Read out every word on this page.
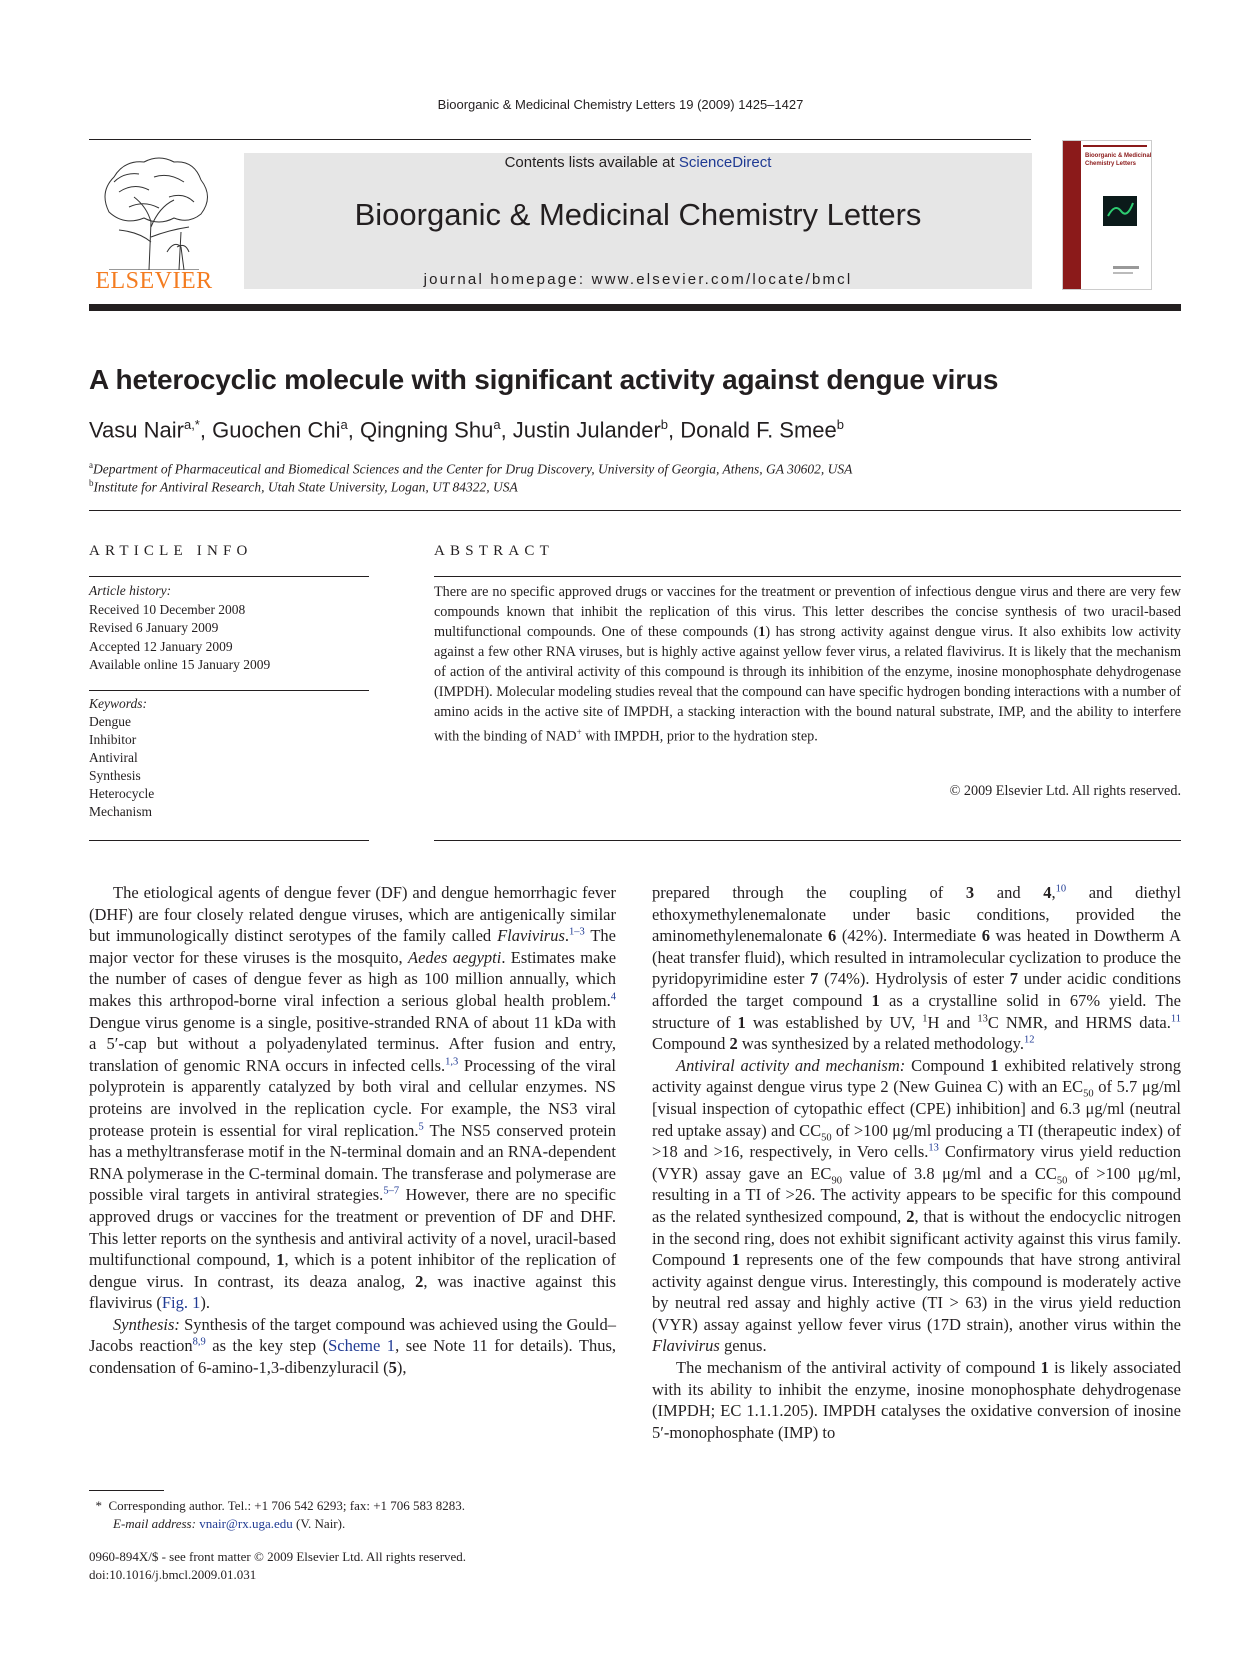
Bioorganic & Medicinal Chemistry Letters 19 (2009) 1425–1427
ELSEVIER
Contents lists available at ScienceDirect
Bioorganic & Medicinal Chemistry Letters
journal homepage: www.elsevier.com/locate/bmcl
Bioorganic & Medicinal
Chemistry Letters
A heterocyclic molecule with significant activity against dengue virus
Vasu Nair$^{a,*}$, Guochen Chi$^a$, Qingning Shu$^a$, Justin Julander$^b$, Donald F. Smee$^b$
$^a$Department of Pharmaceutical and Biomedical Sciences and the Center for Drug Discovery, University of Georgia, Athens, GA 30602, USA
$^b$Institute for Antiviral Research, Utah State University, Logan, UT 84322, USA
ARTICLE INFO	ABSTRACT
Article history:
Received 10 December 2008
Revised 6 January 2009
Accepted 12 January 2009
Available online 15 January 2009
Keywords:
Dengue
Inhibitor
Antiviral
Synthesis
Heterocycle
Mechanism
There are no specific approved drugs or vaccines for the treatment or prevention of infectious dengue virus and there are very few compounds known that inhibit the replication of this virus. This letter describes the concise synthesis of two uracil-based multifunctional compounds. One of these compounds (1) has strong activity against dengue virus. It also exhibits low activity against a few other RNA viruses, but is highly active against yellow fever virus, a related flavivirus. It is likely that the mechanism of action of the antiviral activity of this compound is through its inhibition of the enzyme, inosine monophosphate dehydrogenase (IMPDH). Molecular modeling studies reveal that the compound can have specific hydrogen bonding interactions with a number of amino acids in the active site of IMPDH, a stacking interaction with the bound natural substrate, IMP, and the ability to interfere with the binding of NAD+ with IMPDH, prior to the hydration step.
© 2009 Elsevier Ltd. All rights reserved.

The etiological agents of dengue fever (DF) and dengue hemorrhagic fever (DHF) are four closely related dengue viruses, which are antigenically similar but immunologically distinct serotypes of the family called Flavivirus.$^{1-3}$ The major vector for these viruses is the mosquito, Aedes aegypti. Estimates make the number of cases of dengue fever as high as 100 million annually, which makes this arthropod-borne viral infection a serious global health problem.$^4$ Dengue virus genome is a single, positive-stranded RNA of about 11 kDa with a 5′-cap but without a polyadenylated terminus. After fusion and entry, translation of genomic RNA occurs in infected cells.$^{1,3}$ Processing of the viral polyprotein is apparently catalyzed by both viral and cellular enzymes. NS proteins are involved in the replication cycle. For example, the NS3 viral protease protein is essential for viral replication.$^5$ The NS5 conserved protein has a methyltransferase motif in the N-terminal domain and an RNA-dependent RNA polymerase in the C-terminal domain. The transferase and polymerase are possible viral targets in antiviral strategies.$^{5-7}$ However, there are no specific approved drugs or vaccines for the treatment or prevention of DF and DHF. This letter reports on the synthesis and antiviral activity of a novel, uracil-based multifunctional compound, 1, which is a potent inhibitor of the replication of dengue virus. In contrast, its deaza analog, 2, was inactive against this flavivirus (Fig. 1).

Synthesis: Synthesis of the target compound was achieved using the Gould–Jacobs reaction$^{8,9}$ as the key step (Scheme 1, see Note 11 for details). Thus, condensation of 6-amino-1,3-dibenzyluracil (5),

prepared through the coupling of 3 and 4,10 and diethyl ethoxymethylenemalonate under basic conditions, provided the aminomethylenemalonate 6 (42%). Intermediate 6 was heated in Dowtherm A (heat transfer fluid), which resulted in intramolecular cyclization to produce the pyridopyrimidine ester 7 (74%). Hydrolysis of ester 7 under acidic conditions afforded the target compound 1 as a crystalline solid in 67% yield. The structure of 1 was established by UV, $^1$H and $^{13}$C NMR, and HRMS data.$^{11}$ Compound 2 was synthesized by a related methodology.$^{12}$

Antiviral activity and mechanism: Compound 1 exhibited relatively strong activity against dengue virus type 2 (New Guinea C) with an $EC_{50}$ of 5.7 μg/ml [visual inspection of cytopathic effect (CPE) inhibition] and 6.3 μg/ml (neutral red uptake assay) and $CC_{50}$ of >100 μg/ml producing a TI (therapeutic index) of >18 and >16, respectively, in Vero cells.$^{13}$ Confirmatory virus yield reduction (VYR) assay gave an $EC_{90}$ value of 3.8 μg/ml and a $CC_{50}$ of >100 μg/ml, resulting in a TI of >26. The activity appears to be specific for this compound as the related synthesized compound, 2, that is without the endocyclic nitrogen in the second ring, does not exhibit significant activity against this virus family. Compound 1 represents one of the few compounds that have strong antiviral activity against dengue virus. Interestingly, this compound is moderately active by neutral red assay and highly active (TI > 63) in the virus yield reduction (VYR) assay against yellow fever virus (17D strain), another virus within the Flavivirus genus.

The mechanism of the antiviral activity of compound 1 is likely associated with its ability to inhibit the enzyme, inosine monophosphate dehydrogenase (IMPDH; EC 1.1.1.205). IMPDH catalyses the oxidative conversion of inosine 5′-monophosphate (IMP) to

* Corresponding author. Tel.: +1 706 542 6293; fax: +1 706 583 8283.
E-mail address: vnair@rx.uga.edu (V. Nair).
0960-894X/$ - see front matter © 2009 Elsevier Ltd. All rights reserved.
doi:10.1016/j.bmcl.2009.01.031
